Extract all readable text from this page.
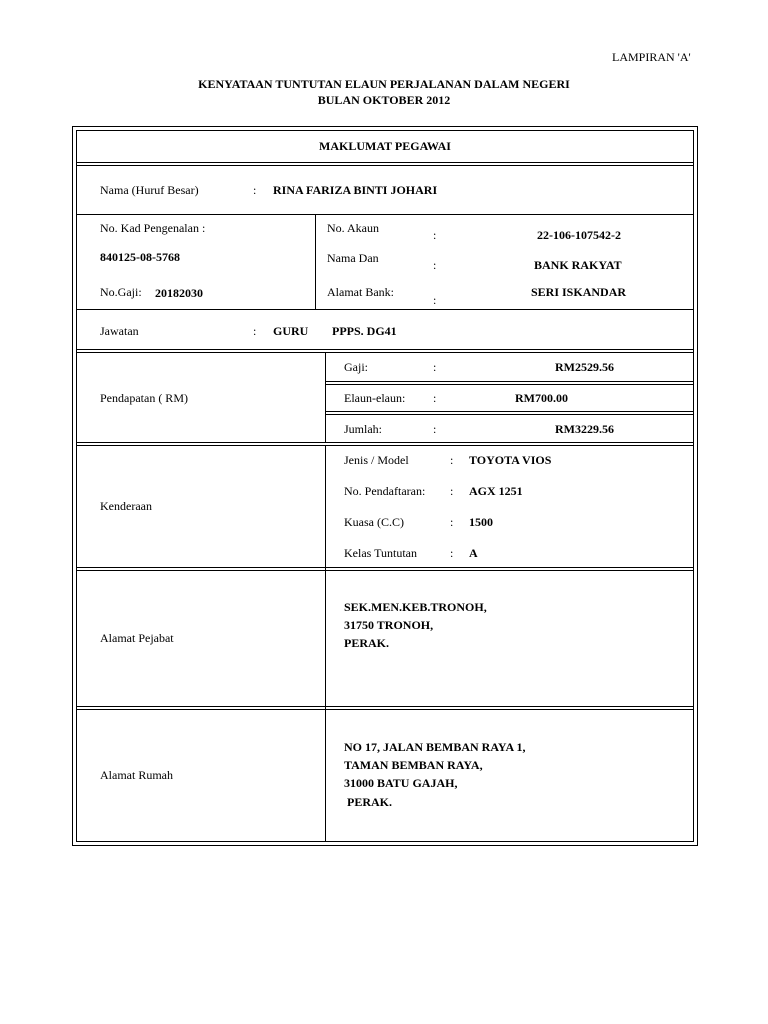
LAMPIRAN 'A'
KENYATAAN TUNTUTAN ELAUN PERJALANAN DALAM NEGERI
BULAN OKTOBER 2012
MAKLUMAT PEGAWAI
Nama (Huruf Besar)	: RINA FARIZA BINTI JOHARI
No. Kad Pengenalan :
840125-08-5768
No.Gaji: 20182030
No. Akaun	:	22-106-107542-2
Nama Dan	:	BANK RAKYAT
Alamat Bank:
:
SERI ISKANDAR
Jawatan	: GURU PPPS. DG41
Pendapatan ( RM)
Gaji:	:	RM2529.56
Elaun-elaun: :	RM700.00
Jumlah:	:	RM3229.56
Kenderaan
Jenis / Model	: TOYOTA VIOS
No. Pendaftaran: : AGX 1251
Kuasa (C.C)	: 1500
Kelas Tuntutan	: A
Alamat Pejabat
SEK.MEN.KEB.TRONOH,
31750 TRONOH,
PERAK.
Alamat Rumah
NO 17, JALAN BEMBAN RAYA 1,
TAMAN BEMBAN RAYA,
31000 BATU GAJAH,
PERAK.
